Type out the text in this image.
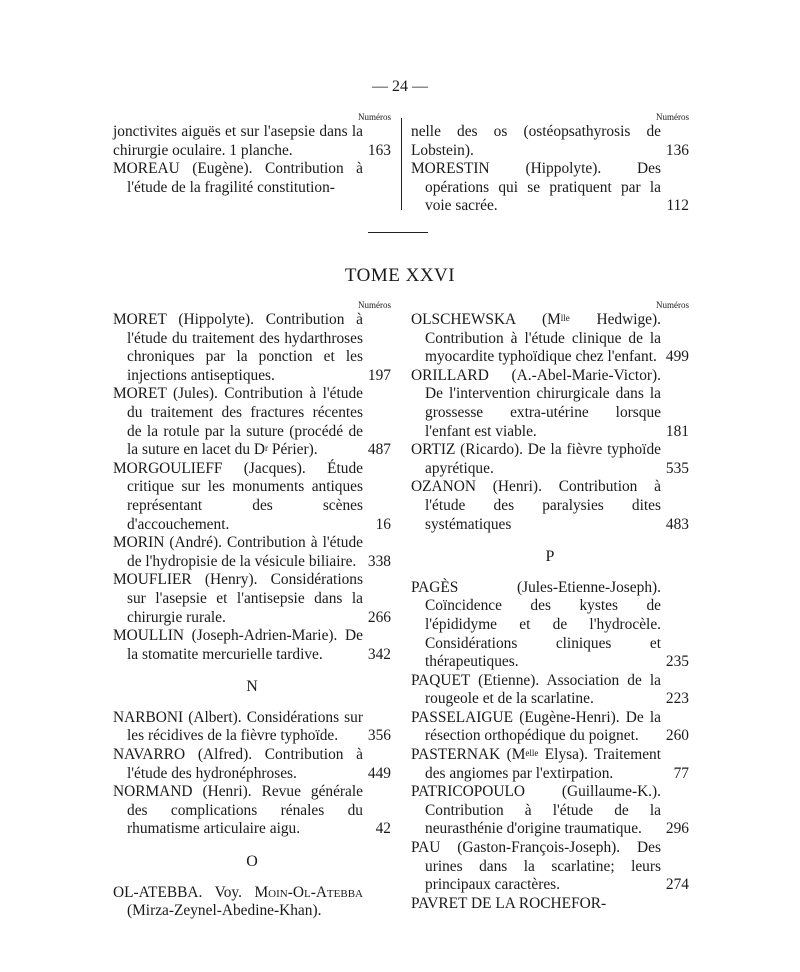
— 24 —
Numéros
jonctivites aiguës et sur l'asepsie dans la chirurgie oculaire. 1 planche.	163
MOREAU (Eugène). Contribution à l'étude de la fragilité constitution-
Numéros
nelle des os (ostéopsathyrosis de Lobstein).	136
MORESTIN (Hippolyte). Des opérations qui se pratiquent par la voie sacrée.	112
TOME XXVI
Numéros
MORET (Hippolyte). Contribution à l'étude du traitement des hydarthroses chroniques par la ponction et les injections antiseptiques.	197
MORET (Jules). Contribution à l'étude du traitement des fractures récentes de la rotule par la suture (procédé de la suture en lacet du $D^r$ Périer).	487
MORGOULIEFF (Jacques). Étude critique sur les monuments antiques représentant des scènes d'accouchement.	16
MORIN (André). Contribution à l'étude de l'hydropisie de la vésicule biliaire. 338
MOUFLIER (Henry). Considérations sur l'asepsie et l'antisepsie dans la chirurgie rurale.	266
MOULLIN (Joseph-Adrien-Marie). De la stomatite mercurielle tardive.	342
N
NARBONI (Albert). Considérations sur les récidives de la fièvre typhoïde. 356
NAVARRO (Alfred). Contribution à l'étude des hydronéphroses.	449
NORMAND (Henri). Revue générale des complications rénales du rhumatisme articulaire aigu.	42
O
OL-ATEBBA. Voy. Moin-Ol-Atebba (Mirza-Zeynel-Abedine-Khan).
Numéros
OLSCHEWSKA ($M^{lle}$ Hedwige). Contribution à l'étude clinique de la myocardite typhoïdique chez l'enfant. 499
ORILLARD (A.-Abel-Marie-Victor). De l'intervention chirurgicale dans la grossesse extra-utérine lorsque l'enfant est viable.	181
ORTIZ (Ricardo). De la fièvre typhoïde apyrétique.	535
OZANON (Henri). Contribution à l'étude des paralysies dites systématiques	483
P
PAGÈS (Jules-Etienne-Joseph). Coïncidence des kystes de l'épididyme et de l'hydrocèle. Considérations cliniques et thérapeutiques.	235
PAQUET (Etienne). Association de la rougeole et de la scarlatine.	223
PASSELAIGUE (Eugène-Henri). De la résection orthopédique du poignet. 260
PASTERNAK ($M^{elle}$ Elysa). Traitement des angiomes par l'extirpation.	77
PATRICOPOULO (Guillaume-K.). Contribution à l'étude de la neurasthénie d'origine traumatique. 296
PAU (Gaston-François-Joseph). Des urines dans la scarlatine; leurs principaux caractères.	274
PAVRET DE LA ROCHEFOR-
